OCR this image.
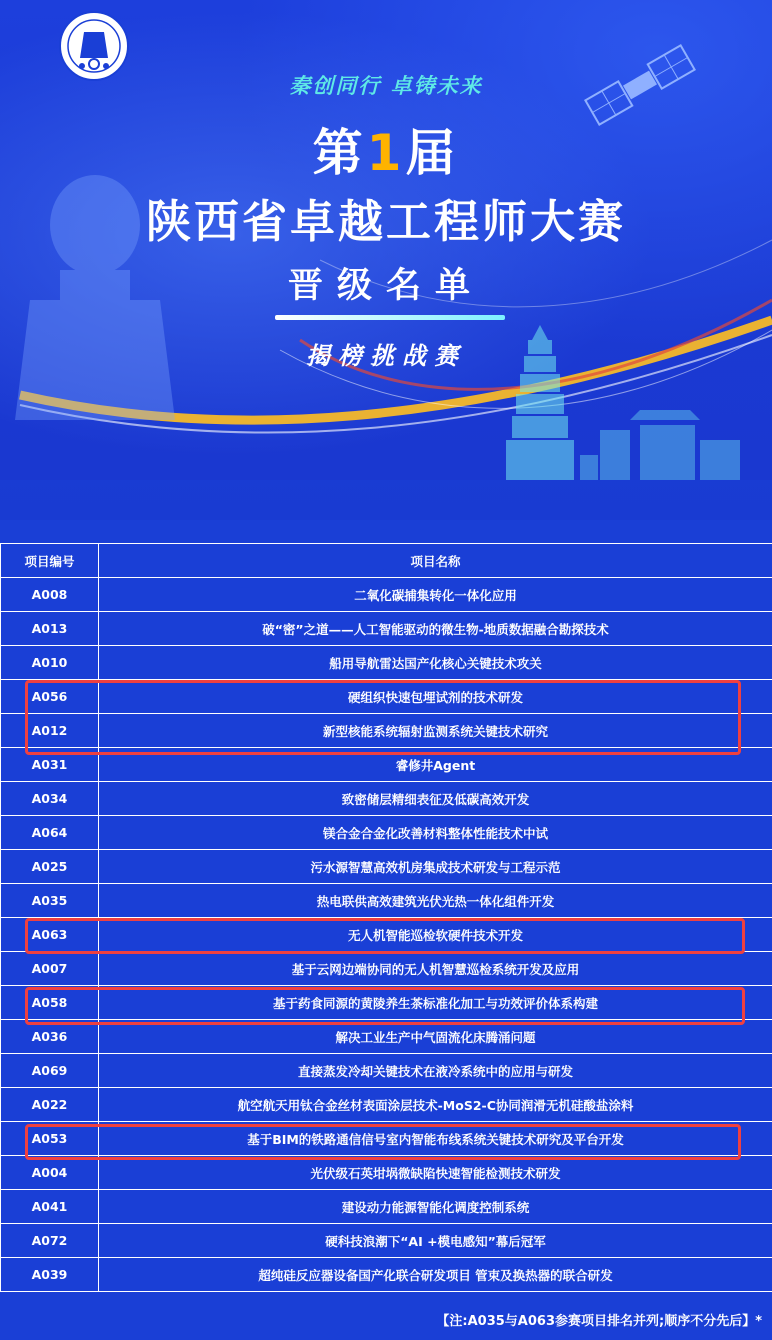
秦创同行 卓铸未来
第1届
陕西省卓越工程师大赛
晋级名单
揭榜挑战赛
项目编号	项目名称
A008	二氧化碳捕集转化一体化应用
A013	破“密”之道——人工智能驱动的微生物-地质数据融合勘探技术
A010	船用导航雷达国产化核心关键技术攻关
A056	硬组织快速包埋试剂的技术研发
A012	新型核能系统辐射监测系统关键技术研究
A031	睿修井Agent
A034	致密储层精细表征及低碳高效开发
A064	镁合金合金化改善材料整体性能技术中试
A025	污水源智慧高效机房集成技术研发与工程示范
A035	热电联供高效建筑光伏光热一体化组件开发
A063	无人机智能巡检软硬件技术开发
A007	基于云网边端协同的无人机智慧巡检系统开发及应用
A058	基于药食同源的黄陵养生茶标准化加工与功效评价体系构建
A036	解决工业生产中气固流化床腾涌问题
A069	直接蒸发冷却关键技术在液冷系统中的应用与研发
A022	航空航天用钛合金丝材表面涂层技术-MoS2-C协同润滑无机硅酸盐涂料
A053	基于BIM的铁路通信信号室内智能布线系统关键技术研究及平台开发
A004	光伏级石英坩埚微缺陷快速智能检测技术研发
A041	建设动力能源智能化调度控制系统
A072	硬科技浪潮下“AI +模电感知”幕后冠军
A039	超纯硅反应器设备国产化联合研发项目 管束及换热器的联合研发
【注:A035与A063参赛项目排名并列;顺序不分先后】*
